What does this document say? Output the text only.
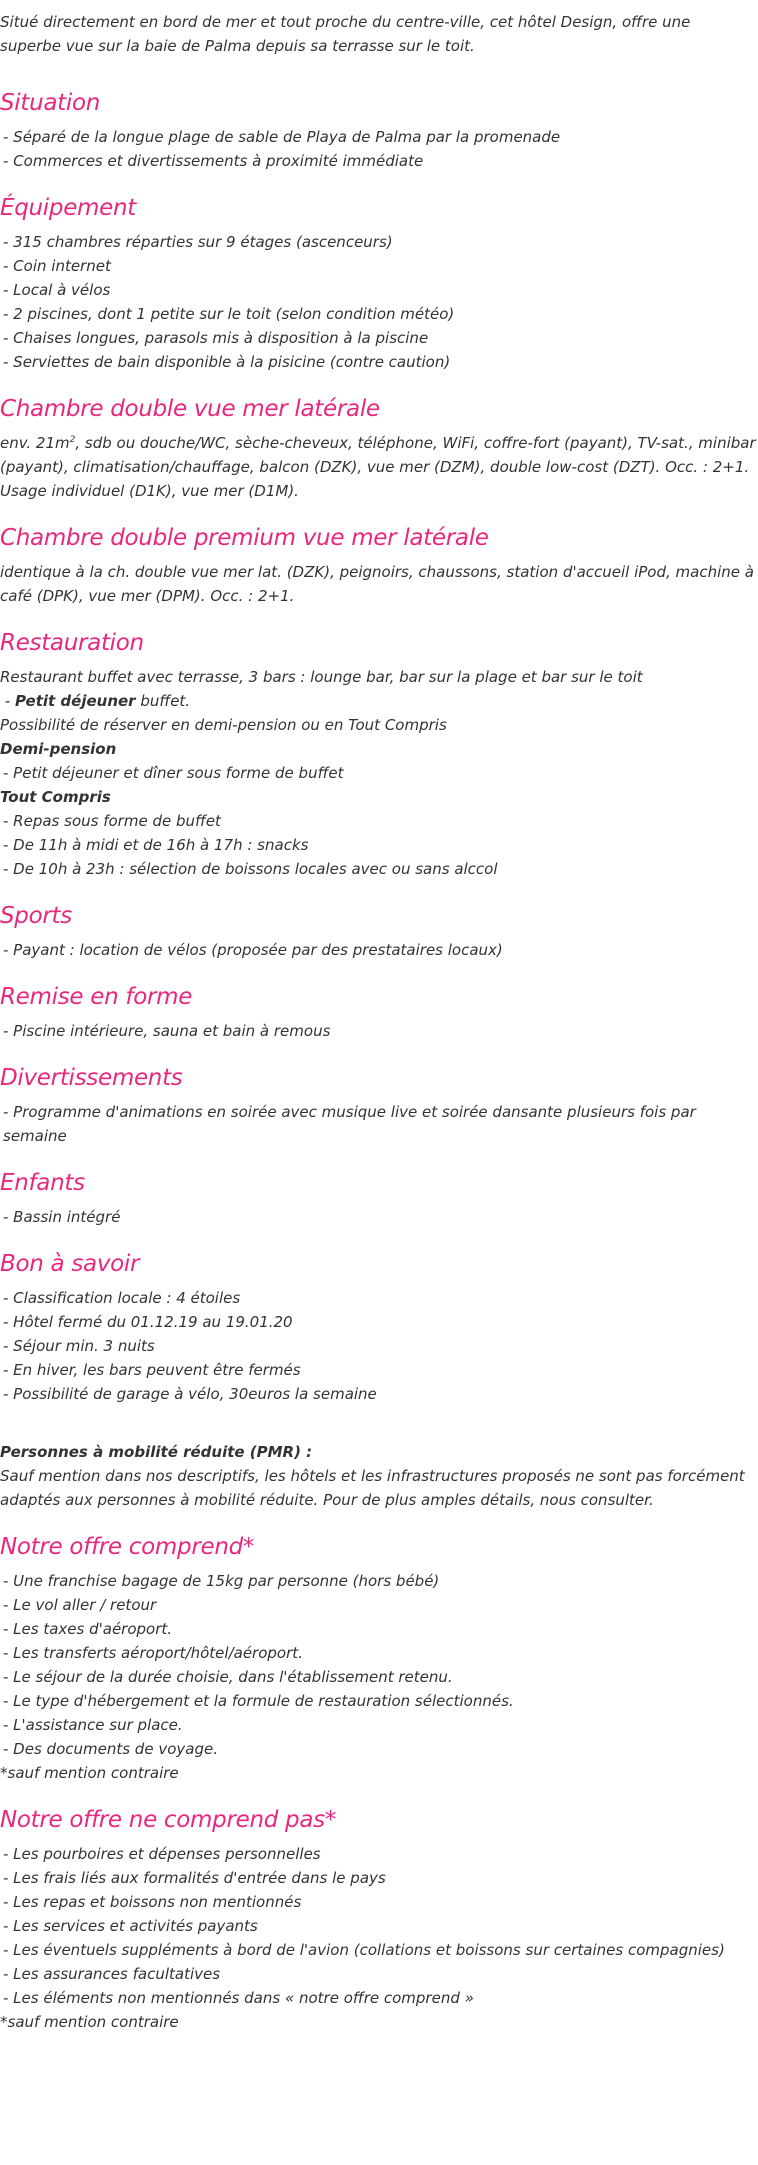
Situé directement en bord de mer et tout proche du centre-ville, cet hôtel Design, offre une superbe vue sur la baie de Palma depuis sa terrasse sur le toit.

Situation
- Séparé de la longue plage de sable de Playa de Palma par la promenade
- Commerces et divertissements à proximité immédiate
Équipement
- 315 chambres réparties sur 9 étages (ascenceurs)
- Coin internet
- Local à vélos
- 2 piscines, dont 1 petite sur le toit (selon condition météo)
- Chaises longues, parasols mis à disposition à la piscine
- Serviettes de bain disponible à la pisicine (contre caution)
Chambre double vue mer latérale

env. $21m^2$, sdb ou douche/WC, sèche-cheveux, téléphone, WiFi, coffre-fort (payant), TV-sat., minibar (payant), climatisation/chauffage, balcon (DZK), vue mer (DZM), double low-cost (DZT). Occ. : 2+1. Usage individuel (D1K), vue mer (D1M).

Chambre double premium vue mer latérale

identique à la ch. double vue mer lat. (DZK), peignoirs, chaussons, station d'accueil iPod, machine à café (DPK), vue mer (DPM). Occ. : 2+1.

Restauration

Restaurant buffet avec terrasse, 3 bars : lounge bar, bar sur la plage et bar sur le toit

- Petit déjeuner buffet.

Possibilité de réserver en demi-pension ou en Tout Compris

Demi-pension

- Petit déjeuner et dîner sous forme de buffet

Tout Compris

- Repas sous forme de buffet
- De 11h à midi et de 16h à 17h : snacks
- De 10h à 23h : sélection de boissons locales avec ou sans alccol
Sports
- Payant : location de vélos (proposée par des prestataires locaux)
Remise en forme
- Piscine intérieure, sauna et bain à remous
Divertissements
- Programme d'animations en soirée avec musique live et soirée dansante plusieurs fois par semaine
Enfants
- Bassin intégré
Bon à savoir
- Classification locale : 4 étoiles
- Hôtel fermé du 01.12.19 au 19.01.20
- Séjour min. 3 nuits
- En hiver, les bars peuvent être fermés
- Possibilité de garage à vélo, 30euros la semaine

Personnes à mobilité réduite (PMR) :

Sauf mention dans nos descriptifs, les hôtels et les infrastructures proposés ne sont pas forcément adaptés aux personnes à mobilité réduite. Pour de plus amples détails, nous consulter.

Notre offre comprend*
- Une franchise bagage de 15kg par personne (hors bébé)
- Le vol aller / retour
- Les taxes d'aéroport.
- Les transferts aéroport/hôtel/aéroport.
- Le séjour de la durée choisie, dans l'établissement retenu.
- Le type d'hébergement et la formule de restauration sélectionnés.
- L'assistance sur place.
- Des documents de voyage.

*sauf mention contraire

Notre offre ne comprend pas*
- Les pourboires et dépenses personnelles
- Les frais liés aux formalités d'entrée dans le pays
- Les repas et boissons non mentionnés
- Les services et activités payants
- Les éventuels suppléments à bord de l'avion (collations et boissons sur certaines compagnies)
- Les assurances facultatives
- Les éléments non mentionnés dans « notre offre comprend »

*sauf mention contraire
